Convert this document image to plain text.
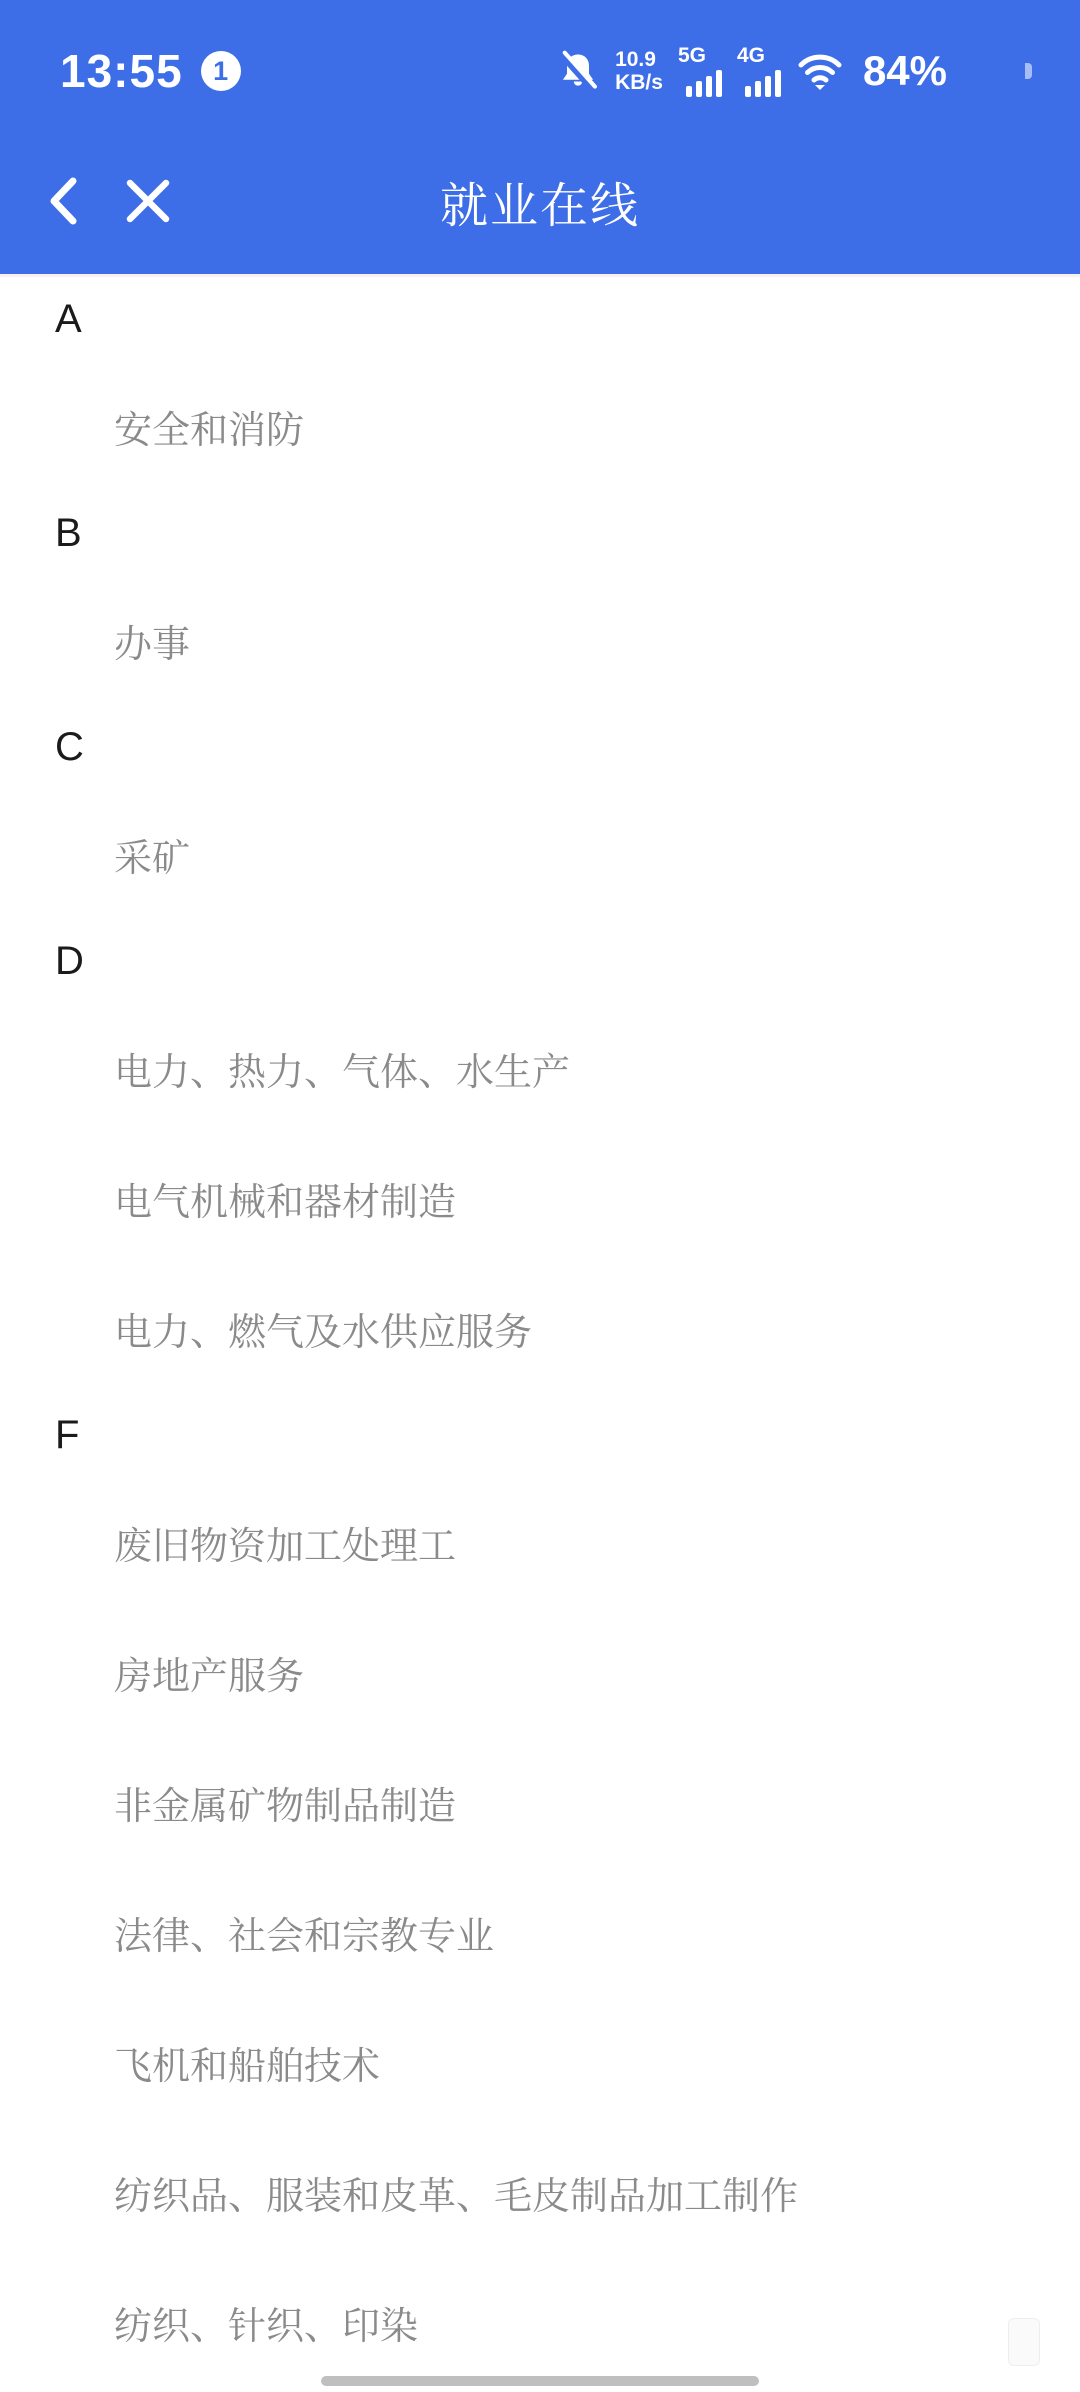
13:55	1	10.9
KB/s
5G 4G 84%
就业在线
A
安全和消防
B
办事
C
采矿
D
电力、热力、气体、水生产
电气机械和器材制造
电力、燃气及水供应服务
F
废旧物资加工处理工
房地产服务
非金属矿物制品制造
法律、社会和宗教专业
飞机和船舶技术
纺织品、服装和皮革、毛皮制品加工制作
纺织、针织、印染
